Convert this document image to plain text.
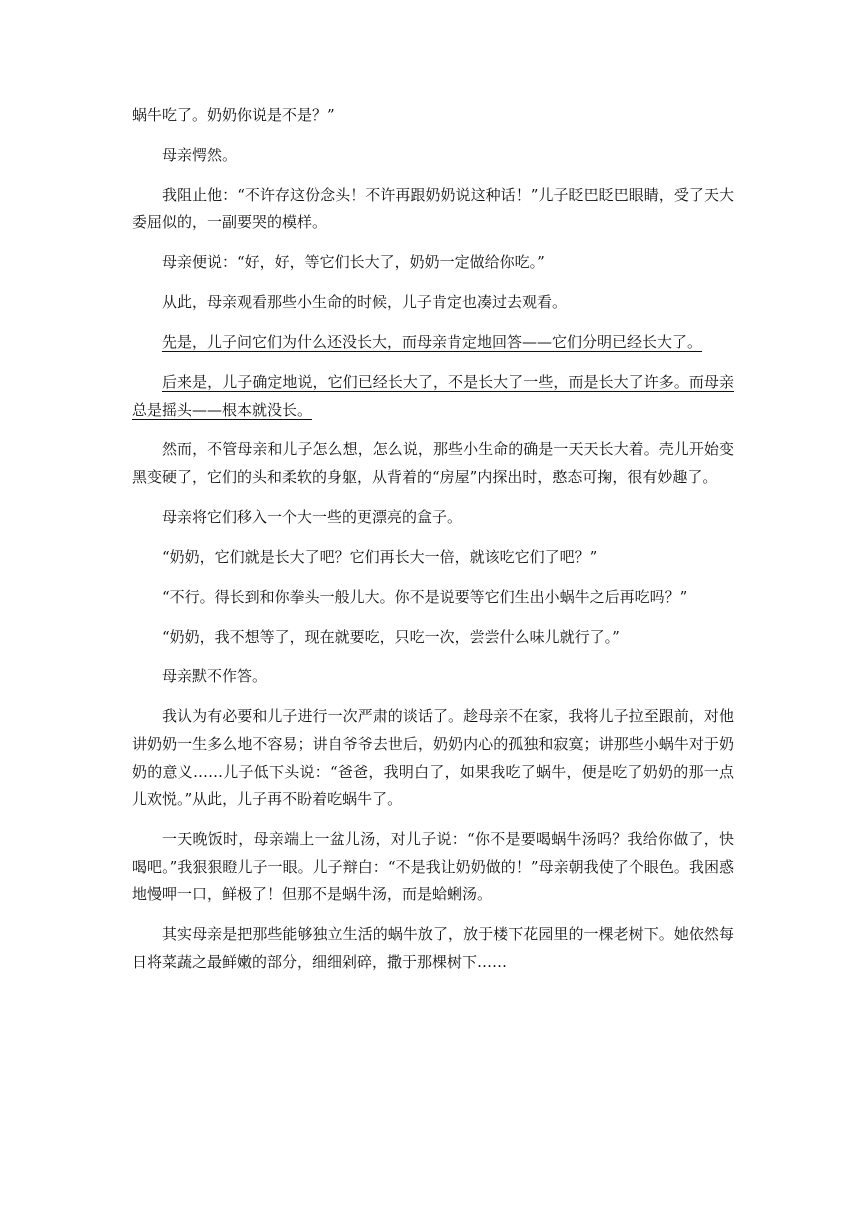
蜗牛吃了。奶奶你说是不是？”

母亲愕然。

我阻止他：“不许存这份念头！不许再跟奶奶说这种话！”儿子眨巴眨巴眼睛，受了天大委屈似的，一副要哭的模样。

母亲便说：“好，好，等它们长大了，奶奶一定做给你吃。”

从此，母亲观看那些小生命的时候，儿子肯定也凑过去观看。

先是，儿子问它们为什么还没长大，而母亲肯定地回答——它们分明已经长大了。

后来是，儿子确定地说，它们已经长大了，不是长大了一些，而是长大了许多。而母亲总是摇头——根本就没长。

然而，不管母亲和儿子怎么想，怎么说，那些小生命的确是一天天长大着。壳儿开始变黑变硬了，它们的头和柔软的身躯，从背着的“房屋”内探出时，憨态可掬，很有妙趣了。

母亲将它们移入一个大一些的更漂亮的盒子。

“奶奶，它们就是长大了吧？它们再长大一倍，就该吃它们了吧？”

“不行。得长到和你拳头一般儿大。你不是说要等它们生出小蜗牛之后再吃吗？”

“奶奶，我不想等了，现在就要吃，只吃一次，尝尝什么味儿就行了。”

母亲默不作答。

我认为有必要和儿子进行一次严肃的谈话了。趁母亲不在家，我将儿子拉至跟前，对他讲奶奶一生多么地不容易；讲自爷爷去世后，奶奶内心的孤独和寂寞；讲那些小蜗牛对于奶奶的意义……儿子低下头说：“爸爸，我明白了，如果我吃了蜗牛，便是吃了奶奶的那一点儿欢悦。”从此，儿子再不盼着吃蜗牛了。

一天晚饭时，母亲端上一盆儿汤，对儿子说：“你不是要喝蜗牛汤吗？我给你做了，快喝吧。”我狠狠瞪儿子一眼。儿子辩白：“不是我让奶奶做的！”母亲朝我使了个眼色。我困惑地慢呷一口，鲜极了！但那不是蜗牛汤，而是蛤蜊汤。

其实母亲是把那些能够独立生活的蜗牛放了，放于楼下花园里的一棵老树下。她依然每日将菜蔬之最鲜嫩的部分，细细剁碎，撒于那棵树下……
